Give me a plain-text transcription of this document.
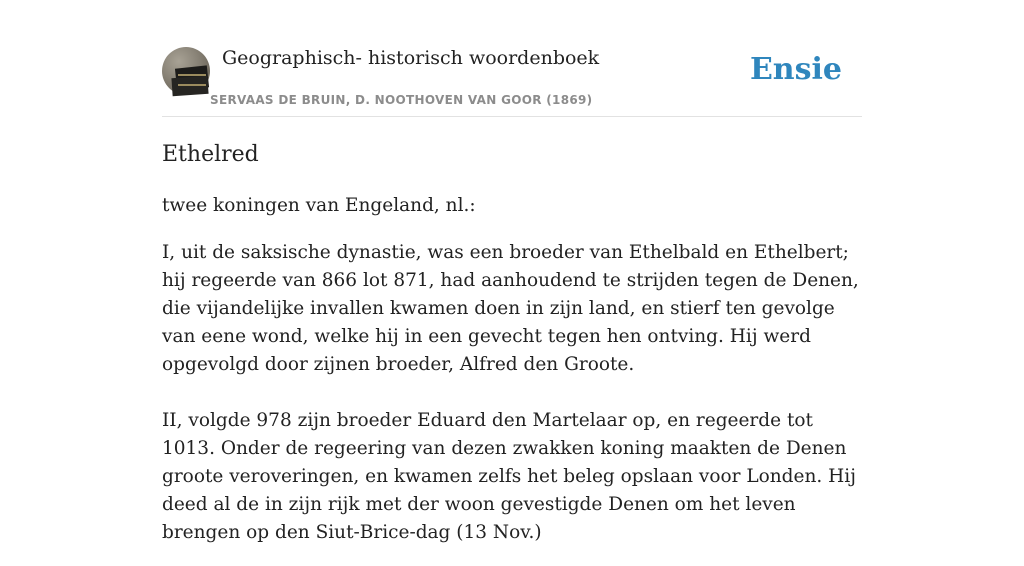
Geographisch- historisch woordenboek
SERVAAS DE BRUIN, D. NOOTHOVEN VAN GOOR (1869)
Ensie
Ethelred

twee koningen van Engeland, nl.:

I, uit de saksische dynastie, was een broeder van Ethelbald en Ethelbert; hij regeerde van 866 lot 871, had aanhoudend te strijden tegen de Denen, die vijandelijke invallen kwamen doen in zijn land, en stierf ten gevolge van eene wond, welke hij in een gevecht tegen hen ontving. Hij werd opgevolgd door zijnen broeder, Alfred den Groote.

II, volgde 978 zijn broeder Eduard den Martelaar op, en regeerde tot 1013. Onder de regeering van dezen zwakken koning maakten de Denen groote veroveringen, en kwamen zelfs het beleg opslaan voor Londen. Hij deed al de in zijn rijk met der woon gevestigde Denen om het leven brengen op den Siut-Brice-dag (13 Nov.)
